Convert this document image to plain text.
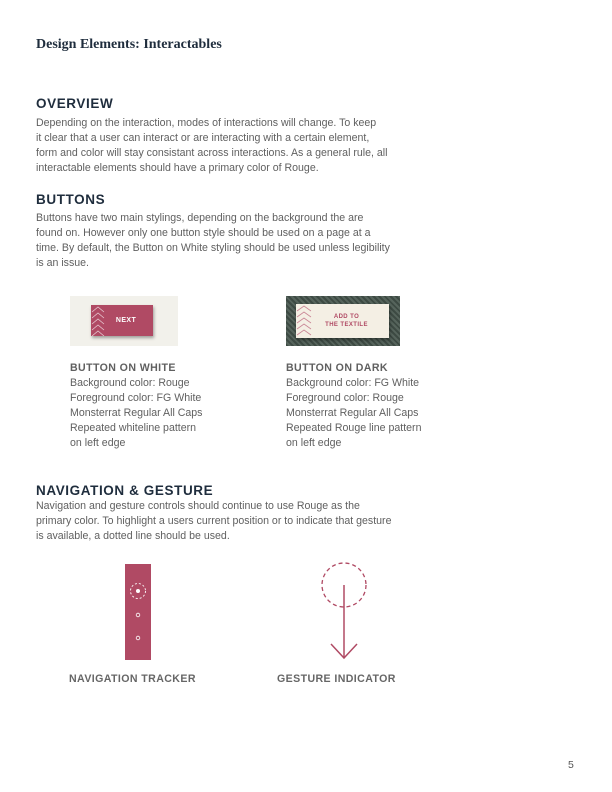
Design Elements: Interactables
OVERVIEW
Depending on the interaction, modes of interactions will change. To keep
it clear that a user can interact or are interacting with a certain element,
form and color will stay consistant across interactions. As a general rule, all
interactable elements should have a primary color of Rouge.
BUTTONS
Buttons have two main stylings, depending on the background the are
found on. However only one button style should be used on a page at a
time. By default, the Button on White styling should be used unless legibility
is an issue.
NEXT	ADD TO
THE TEXTILE
BUTTON ON WHITE
Background color: Rouge
Foreground color: FG White
Monsterrat Regular All Caps
Repeated whiteline pattern
on left edge
BUTTON ON DARK
Background color: FG White
Foreground color: Rouge
Monsterrat Regular All Caps
Repeated Rouge line pattern
on left edge
NAVIGATION & GESTURE
Navigation and gesture controls should continue to use Rouge as the
primary color. To highlight a users current position or to indicate that gesture
is available, a dotted line should be used.

NAVIGATION TRACKER	GESTURE INDICATOR

5
